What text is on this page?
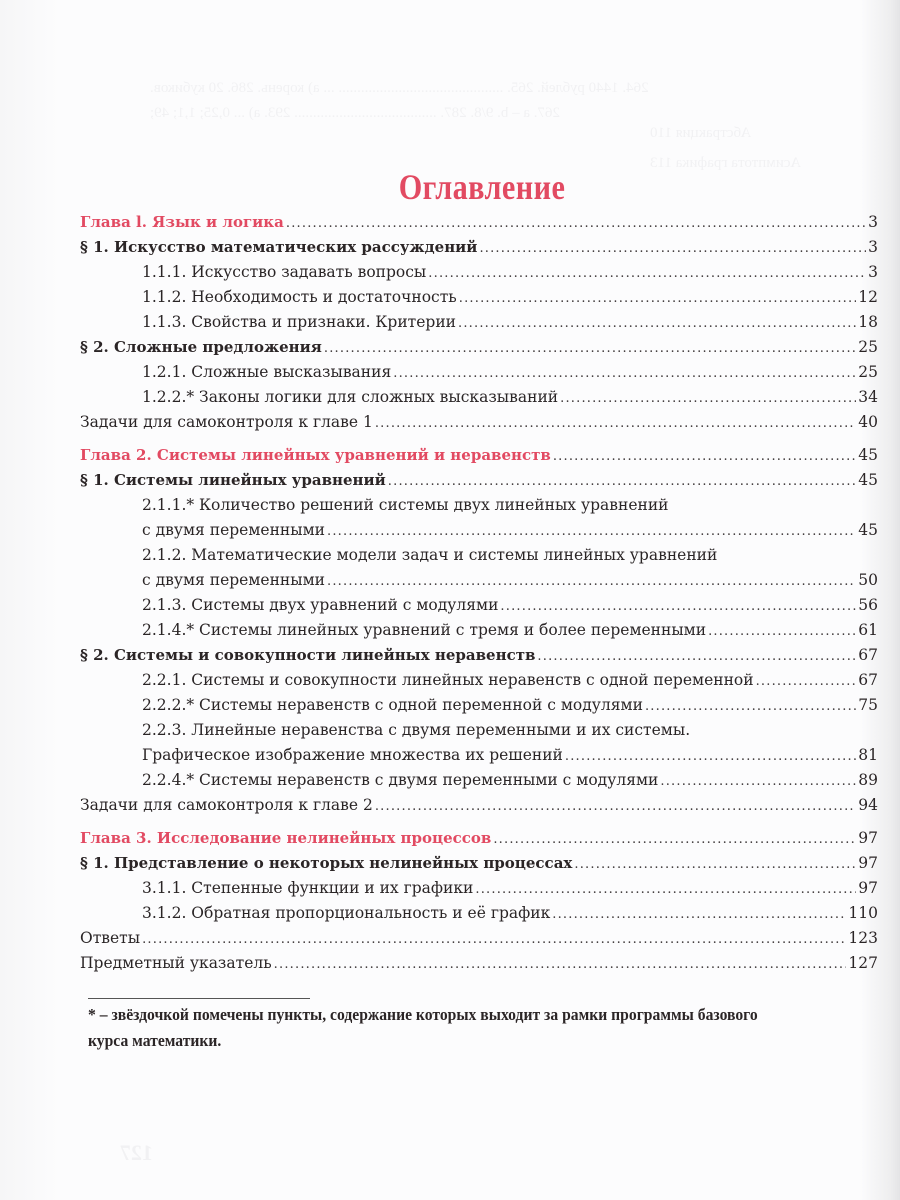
264. 1440 рублей. 265. ............................................ ... а) корень. 286. 20 кубиков.
267. a – b. 9/8. 287. ...................................... 293. а) ... 0,25; 1,1; 49;
Абстракция 110
Асимптота графика 113
127
Оглавление
Глава l. Язык и логика .....	3
§ 1. Искусство математических рассуждений .....	3
1.1.1. Искусство задавать вопросы .....	3
1.1.2. Необходимость и достаточность .....	12
1.1.3. Свойства и признаки. Критерии .....	18
§ 2. Сложные предложения .....	25
1.2.1. Сложные высказывания .....	25
1.2.2.* Законы логики для сложных высказываний .....	34
Задачи для самоконтроля к главе 1 .....	40
Глава 2. Системы линейных уравнений и неравенств .....	45
§ 1. Системы линейных уравнений .....	45
2.1.1.* Количество решений системы двух линейных уравнений
с двумя переменными .....	45
2.1.2. Математические модели задач и системы линейных уравнений
с двумя переменными .....	50
2.1.3. Системы двух уравнений с модулями .....	56
2.1.4.* Системы линейных уравнений с тремя и более переменными .....	61
§ 2. Системы и совокупности линейных неравенств .....	67
2.2.1. Системы и совокупности линейных неравенств с одной переменной .....	67
2.2.2.* Системы неравенств с одной переменной с модулями .....	75
2.2.3. Линейные неравенства с двумя переменными и их системы.
Графическое изображение множества их решений .....	81
2.2.4.* Системы неравенств с двумя переменными с модулями .....	89
Задачи для самоконтроля к главе 2 .....	94
Глава 3. Исследование нелинейных процессов .....	97
§ 1. Представление о некоторых нелинейных процессах .....	97
3.1.1. Степенные функции и их графики .....	97
3.1.2. Обратная пропорциональность и её график .....	110
Ответы .....	123
Предметный указатель .....	127
* – звёздочкой помечены пункты, содержание которых выходит за рамки программы базового курса математики.
